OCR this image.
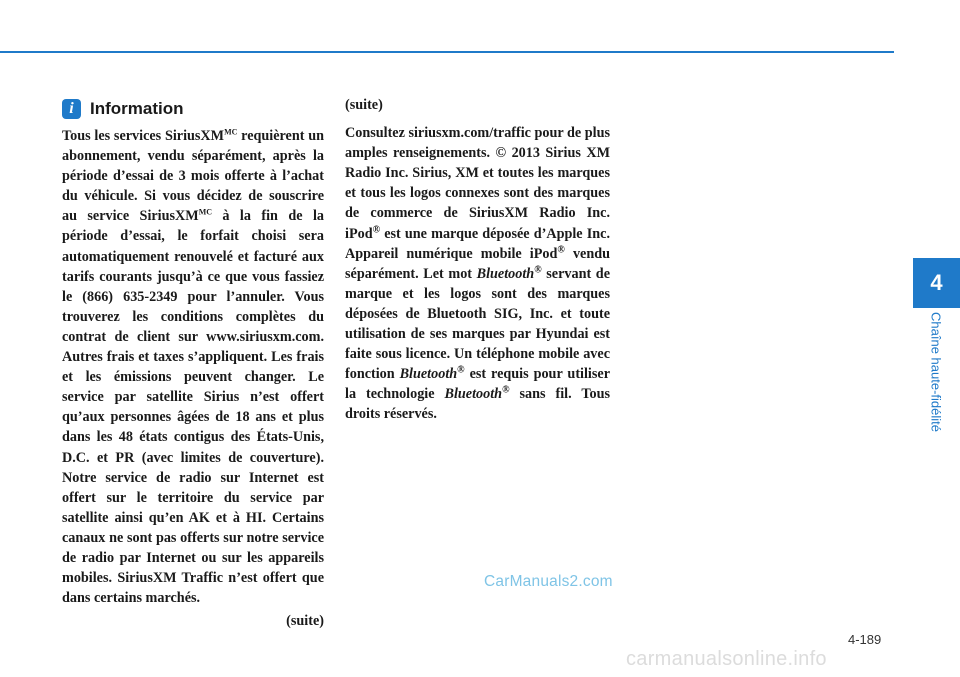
i Information

Tous les services SiriusXM$^{MC}$ requièrent un abonnement, vendu séparément, après la période d’essai de 3 mois offerte à l’achat du véhicule. Si vous décidez de souscrire au service SiriusXM$^{MC}$ à la fin de la période d’essai, le forfait choisi sera automatiquement renouvelé et facturé aux tarifs courants jusqu’à ce que vous fassiez le (866) 635-2349 pour l’annuler. Vous trouverez les conditions complètes du contrat de client sur www.siriusxm.com. Autres frais et taxes s’appliquent. Les frais et les émissions peuvent changer. Le service par satellite Sirius n’est offert qu’aux personnes âgées de 18 ans et plus dans les 48 états contigus des États-Unis, D.C. et PR (avec limites de couverture). Notre service de radio sur Internet est offert sur le territoire du service par satellite ainsi qu’en AK et à HI. Certains canaux ne sont pas offerts sur notre service de radio par Internet ou sur les appareils mobiles. SiriusXM Traffic n’est offert que dans certains marchés.

(suite)

(suite)

Consultez siriusxm.com/traffic pour de plus amples renseignements. © 2013 Sirius XM Radio Inc. Sirius, XM et toutes les marques et tous les logos connexes sont des marques de commerce de SiriusXM Radio Inc. iPod® est une marque déposée d’Apple Inc. Appareil numérique mobile iPod® vendu séparément. Let mot Bluetooth® servant de marque et les logos sont des marques déposées de Bluetooth SIG, Inc. et toute utilisation de ses marques par Hyundai est faite sous licence. Un téléphone mobile avec fonction Bluetooth® est requis pour utiliser la technologie Bluetooth® sans fil. Tous droits réservés.

4
Chaîne haute-fidélité
CarManuals2.com
4-189
carmanualsonline.info
